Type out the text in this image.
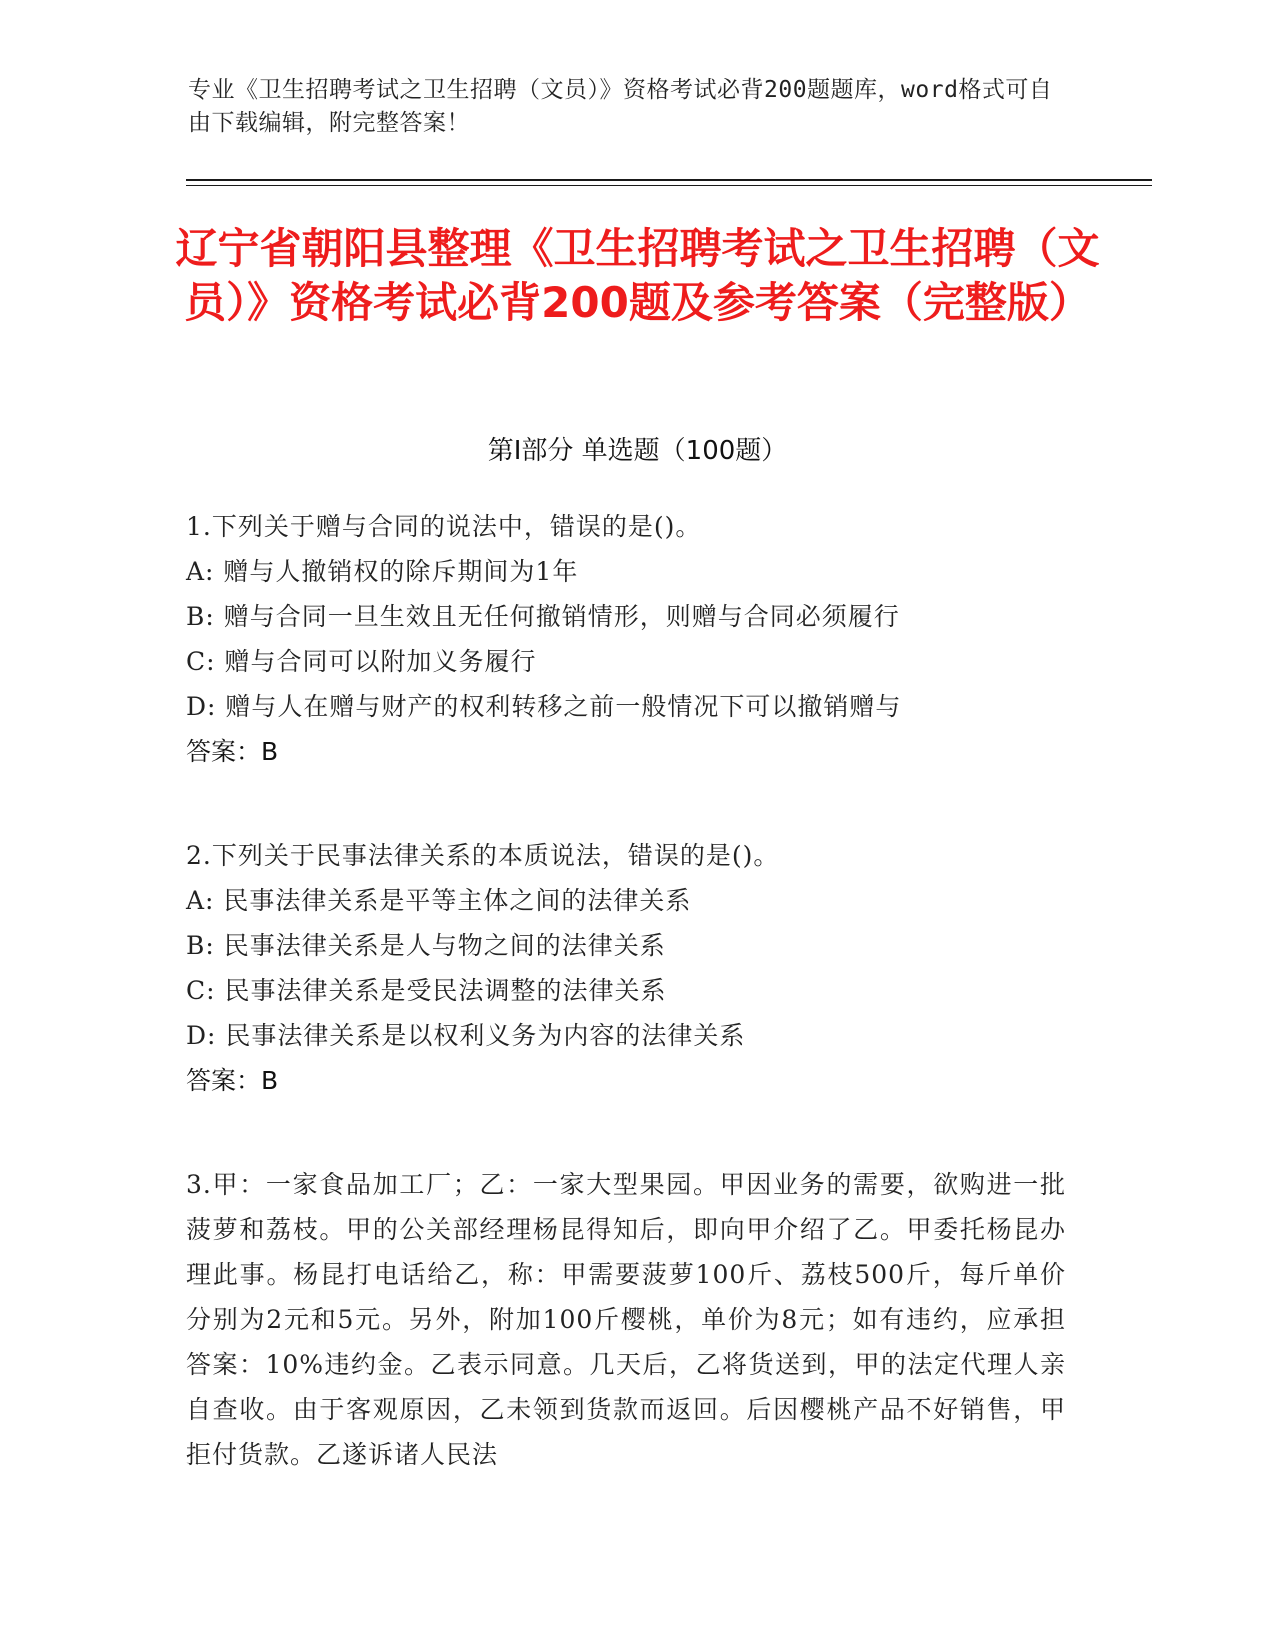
专业《卫生招聘考试之卫生招聘（文员）》资格考试必背200题题库，word格式可自由下载编辑，附完整答案！
辽宁省朝阳县整理《卫生招聘考试之卫生招聘（文员）》资格考试必背200题及参考答案（完整版）
第Ⅰ部分 单选题（100题）
1.下列关于赠与合同的说法中，错误的是()。
A: 赠与人撤销权的除斥期间为1年
B: 赠与合同一旦生效且无任何撤销情形，则赠与合同必须履行
C: 赠与合同可以附加义务履行
D: 赠与人在赠与财产的权利转移之前一般情况下可以撤销赠与
答案：B
2.下列关于民事法律关系的本质说法，错误的是()。
A: 民事法律关系是平等主体之间的法律关系
B: 民事法律关系是人与物之间的法律关系
C: 民事法律关系是受民法调整的法律关系
D: 民事法律关系是以权利义务为内容的法律关系
答案：B
3.甲：一家食品加工厂；乙：一家大型果园。甲因业务的需要，欲购进一批菠萝和荔枝。甲的公关部经理杨昆得知后，即向甲介绍了乙。甲委托杨昆办理此事。杨昆打电话给乙，称：甲需要菠萝100斤、荔枝500斤，每斤单价分别为2元和5元。另外，附加100斤樱桃，单价为8元；如有违约，应承担答案：10%违约金。乙表示同意。几天后，乙将货送到，甲的法定代理人亲自查收。由于客观原因，乙未领到货款而返回。后因樱桃产品不好销售，甲拒付货款。乙遂诉诸人民法
